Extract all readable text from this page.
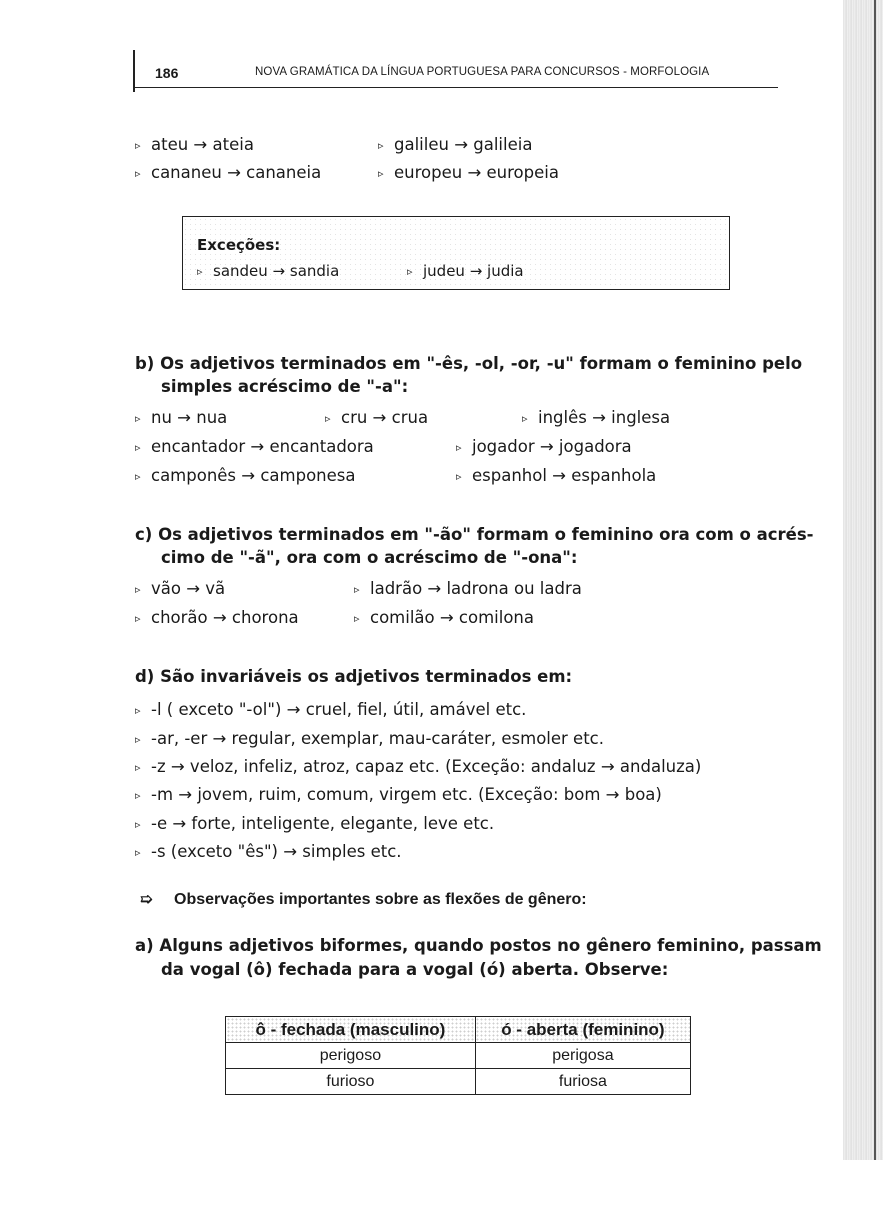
186	NOVA GRAMÁTICA DA LÍNGUA PORTUGUESA PARA CONCURSOS - MORFOLOGIA
▹ ateu → ateia	▹ galileu → galileia
▹ cananeu → cananeia	▹ europeu → europeia
Exceções:
▹ sandeu → sandia	▹ judeu → judia
b) Os adjetivos terminados em "-ês, -ol, -or, -u" formam o feminino pelo
simples acréscimo de "-a":
▹ nu → nua	▹ cru → crua	▹ inglês → inglesa
▹ encantador → encantadora	▹ jogador → jogadora
▹ camponês → camponesa	▹ espanhol → espanhola
c) Os adjetivos terminados em "-ão" formam o feminino ora com o acrés-
cimo de "-ã", ora com o acréscimo de "-ona":
▹ vão → vã	▹ ladrão → ladrona ou ladra
▹ chorão → chorona	▹ comilão → comilona
d) São invariáveis os adjetivos terminados em:
▹ -l ( exceto "-ol") → cruel, fiel, útil, amável etc.
▹ -ar, -er → regular, exemplar, mau-caráter, esmoler etc.
▹ -z → veloz, infeliz, atroz, capaz etc. (Exceção: andaluz → andaluza)
▹ -m → jovem, ruim, comum, virgem etc. (Exceção: bom → boa)
▹ -e → forte, inteligente, elegante, leve etc.
▹ -s (exceto "ês") → simples etc.
➯ Observações importantes sobre as flexões de gênero:
a) Alguns adjetivos biformes, quando postos no gênero feminino, passam
da vogal (ô) fechada para a vogal (ó) aberta. Observe:
ô - fechada (masculino)	ó - aberta (feminino)
perigoso	perigosa
furioso	furiosa
